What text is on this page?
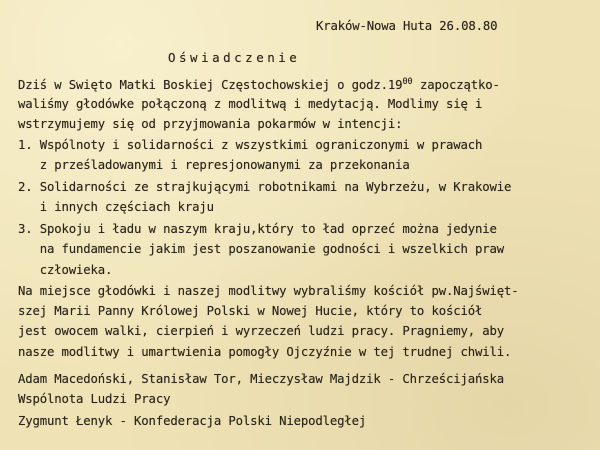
Kraków-Nowa Huta 26.08.80
Oświadczenie
Dziś w Swięto Matki Boskiej Częstochowskiej o $godz.19^{00}$ zapoczątko-
waliśmy głodówke połączoną z modlitwą i medytacją. Modlimy się i
wstrzymujemy się od przyjmowania pokarmów w intencji:
1. Wspólnoty i solidarności z wszystkimi ograniczonymi w prawach
z prześladowanymi i represjonowanymi za przekonania
2. Solidarności ze strajkującymi robotnikami na Wybrzeżu, w Krakowie
i innych częściach kraju
3. Spokoju i ładu w naszym kraju,który to ład oprzeć można jedynie
na fundamencie jakim jest poszanowanie godności i wszelkich praw
człowieka.
Na miejsce głodówki i naszej modlitwy wybraliśmy kościół pw.Najświęt-
szej Marii Panny Królowej Polski w Nowej Hucie, który to kościół
jest owocem walki, cierpień i wyrzeczeń ludzi pracy. Pragniemy, aby
nasze modlitwy i umartwienia pomogły Ojczyźnie w tej trudnej chwili.
Adam Macedoński, Stanisław Tor, Mieczysław Majdzik - Chrześcijańska
Wspólnota Ludzi Pracy
Zygmunt Łenyk - Konfederacja Polski Niepodległej
